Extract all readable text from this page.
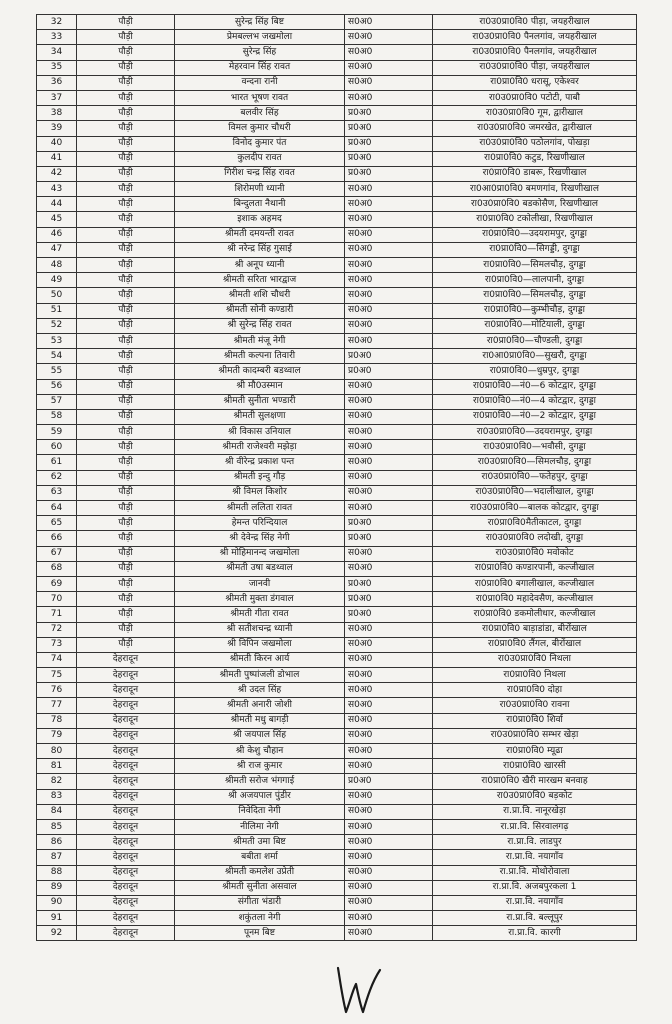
32	पौड़ी	सुरेन्द्र सिंह बिष्ट	स0अ0	रा0उ0प्रा0वि0 पीड़ा, जयहरीखाल
33	पौड़ी	प्रेमबल्लभ जखमोला	स0अ0	रा0उ0प्रा0वि0 पैनलगांव, जयहरीखाल
34	पौड़ी	सुरेन्द्र सिंह	स0अ0	रा0उ0प्रा0वि0 पैनलगांव, जयहरीखाल
35	पौड़ी	मेहरवान सिंह रावत	स0अ0	रा0उ0प्रा0वि0 पीड़ा, जयहरीखाल
36	पौड़ी	वन्दना रानी	स0अ0	रा0प्रा0वि0 धरासू, एकेश्वर
37	पौड़ी	भारत भूषण रावत	स0अ0	रा0उ0प्रा0वि0 पटोटी, पाबौ
38	पौड़ी	बलवीर सिंह	प्र0अ0	रा0उ0प्रा0वि0 गूम, द्वारीखाल
39	पौड़ी	विमल कुमार चौधरी	प्र0अ0	रा0उ0प्रा0वि0 जमरखेत, द्वारीखाल
40	पौड़ी	विनोद कुमार पंत	प्र0अ0	रा0उ0प्रा0वि0 पठोलगांव, पोखड़ा
41	पौड़ी	कुलदीप रावत	प्र0अ0	रा0प्रा0वि0 कटुड, रिखणीखाल
42	पौड़ी	गिरीश चन्द्र सिंह रावत	प्र0अ0	रा0प्रा0वि0 डाबरू, रिखणीखाल
43	पौड़ी	शिरोमणी ध्यानी	स0अ0	रा0आ0प्रा0वि0 बमणगांव, रिखणीखाल
44	पौड़ी	बिन्दुलता नैथानी	स0अ0	रा0उ0प्रा0वि0 बडकोसैण, रिखणीखाल
45	पौड़ी	इशाक अहमद	स0अ0	रा0प्रा0वि0 टकोलीखा, रिखणीखाल
46	पौड़ी	श्रीमती दमयन्ती रावत	स0अ0	रा0प्रा0वि0—उदयरामपुर, दुगड्डा
47	पौड़ी	श्री नरेन्द्र सिंह गुसाई	स0अ0	रा0प्रा0वि0—सिगड्डी, दुगड्डा
48	पौड़ी	श्री अनूप ध्यानी	स0अ0	रा0प्रा0वि0—सिमलचौड़, दुगड्डा
49	पौड़ी	श्रीमती सरिता भारद्वाज	स0अ0	रा0प्रा0वि0—लालपानी, दुगड्डा
50	पौड़ी	श्रीमती शशि चौधरी	स0अ0	रा0प्रा0वि0—सिमलचौड़, दुगड्डा
51	पौड़ी	श्रीमती सोनी कण्डारी	स0अ0	रा0प्रा0वि0—कुम्भीचौड़, दुगड्डा
52	पौड़ी	श्री सुरेन्द्र सिंह रावत	स0अ0	रा0प्रा0वि0—मोटियाली, दुगड्डा
53	पौड़ी	श्रीमती मंजू नेगी	स0अ0	रा0प्रा0वि0—चौण्डली, दुगड्डा
54	पौड़ी	श्रीमती कल्पना तिवारी	प्र0अ0	रा0आ0प्रा0वि0—सुखरौ, दुगड्डा
55	पौड़ी	श्रीमती कादम्बरी बडथ्वाल	प्र0अ0	रा0प्रा0वि0—धुम्रपुर, दुगड्डा
56	पौड़ी	श्री मौ0उस्मान	स0अ0	रा0प्रा0वि0—नं0—6 कोटद्वार, दुगड्डा
57	पौड़ी	श्रीमती सुनीता भण्डारी	स0अ0	रा0प्रा0वि0—नं0—4 कोटद्वार, दुगड्डा
58	पौड़ी	श्रीमती सुलक्षणा	स0अ0	रा0प्रा0वि0—नं0—2 कोटद्वार, दुगड्डा
59	पौड़ी	श्री विकास उनियाल	स0अ0	रा0उ0प्रा0वि0—उदयरामपुर, दुगड्डा
60	पौड़ी	श्रीमती राजेश्वरी मझेड़ा	स0अ0	रा0उ0प्रा0वि0—भवौसी, दुगड्डा
61	पौड़ी	श्री वीरेन्द्र प्रकाश पन्त	स0अ0	रा0उ0प्रा0वि0—सिमलचौड़, दुगड्डा
62	पौड़ी	श्रीमती इन्दु गौड़	स0अ0	रा0उ0प्रा0वि0—फतेहपुर, दुगड्डा
63	पौड़ी	श्री विमल किशोर	स0अ0	रा0उ0प्रा0वि0—भदालीखाल, दुगड्डा
64	पौड़ी	श्रीमती ललिता रावत	स0अ0	रा0उ0प्रा0वि0—बालक कोटद्वार, दुगड्डा
65	पौड़ी	हेमन्त परिन्दियाल	प्र0अ0	रा0प्रा0वि0मैतीकाटल, दुगड्डा
66	पौड़ी	श्री देवेन्द्र सिंह नेगी	प्र0अ0	रा0उ0प्रा0वि0 लदोखी, दुगड्डा
67	पौड़ी	श्री मोहिमानन्द जखमोला	स0अ0	रा0उ0प्रा0वि0 मवोकोट
68	पौड़ी	श्रीमती उषा बडथ्वाल	स0अ0	रा0प्रा0वि0 कण्डारपानी, कल्जीखाल
69	पौड़ी	जानवी	प्र0अ0	रा0प्रा0वि0 बगालीखाल, कल्जीखाल
70	पौड़ी	श्रीमती मुक्ता डंगवाल	प्र0अ0	रा0प्रा0वि0 महादेवसैण, कल्जीखाल
71	पौड़ी	श्रीमती गीता रावत	प्र0अ0	रा0प्रा0वि0 डकमोलीधार, कल्जीखाल
72	पौड़ी	श्री सतीशचन्द्र ध्यानी	स0अ0	रा0प्रा0वि0 बाड़ाडांडा, बीरोंखाल
73	पौड़ी	श्री विपिन जखमोला	स0अ0	रा0प्रा0वि0 लैंगल, बीरोंखाल
74	देहरादून	श्रीमती किरन आर्य	स0अ0	रा0उ0प्रा0वि0 निथला
75	देहरादून	श्रीमती पुष्पांजली डोभाल	स0अ0	रा0प्रा0वि0 निथला
76	देहरादून	श्री उदल सिंह	स0अ0	रा0प्रा0वि0 दोहा
77	देहरादून	श्रीमती अनारी जोशी	स0अ0	रा0उ0प्रा0वि0 रावना
78	देहरादून	श्रीमती मधु बागड़ी	स0अ0	रा0प्रा0वि0 शिर्वा
79	देहरादून	श्री जयपाल सिंह	स0अ0	रा0उ0प्रा0वि0 सम्भर खेड़ा
80	देहरादून	श्री केशु चौहान	स0अ0	रा0प्रा0वि0 म्यूढा
81	देहरादून	श्री राज कुमार	स0अ0	रा0प्रा0वि0 खारसी
82	देहरादून	श्रीमती सरोज भंगगाई	प्र0अ0	रा0प्रा0वि0 खैरी मारखम बनवाह
83	देहरादून	श्री अजयपाल पुंडीर	स0अ0	रा0उ0प्रा0वि0 बड़कोट
84	देहरादून	निवेदिता नेगी	स0अ0	रा.प्रा.वि. नानूरखेड़ा
85	देहरादून	नीलिमा नेगी	स0अ0	रा.प्रा.वि. सिरवालगढ़
86	देहरादून	श्रीमती उमा बिष्ट	स0अ0	रा.प्रा.वि. लाडपुर
87	देहरादून	बबीता शर्मा	स0अ0	रा.प्रा.वि. नयागाँव
88	देहरादून	श्रीमती कमलेश उप्रेती	स0अ0	रा.प्रा.वि. मोथोरोवाला
89	देहरादून	श्रीमती सुनीता असवाल	स0अ0	रा.प्रा.वि. अजबपुरकला 1
90	देहरादून	संगीता भंडारी	स0अ0	रा.प्रा.वि. नयागाँव
91	देहरादून	शकुंतला नेगी	स0अ0	रा.प्रा.वि. बल्लूपुर
92	देहरादून	पूनम बिष्ट	स0अ0	रा.प्रा.वि. कारगी
